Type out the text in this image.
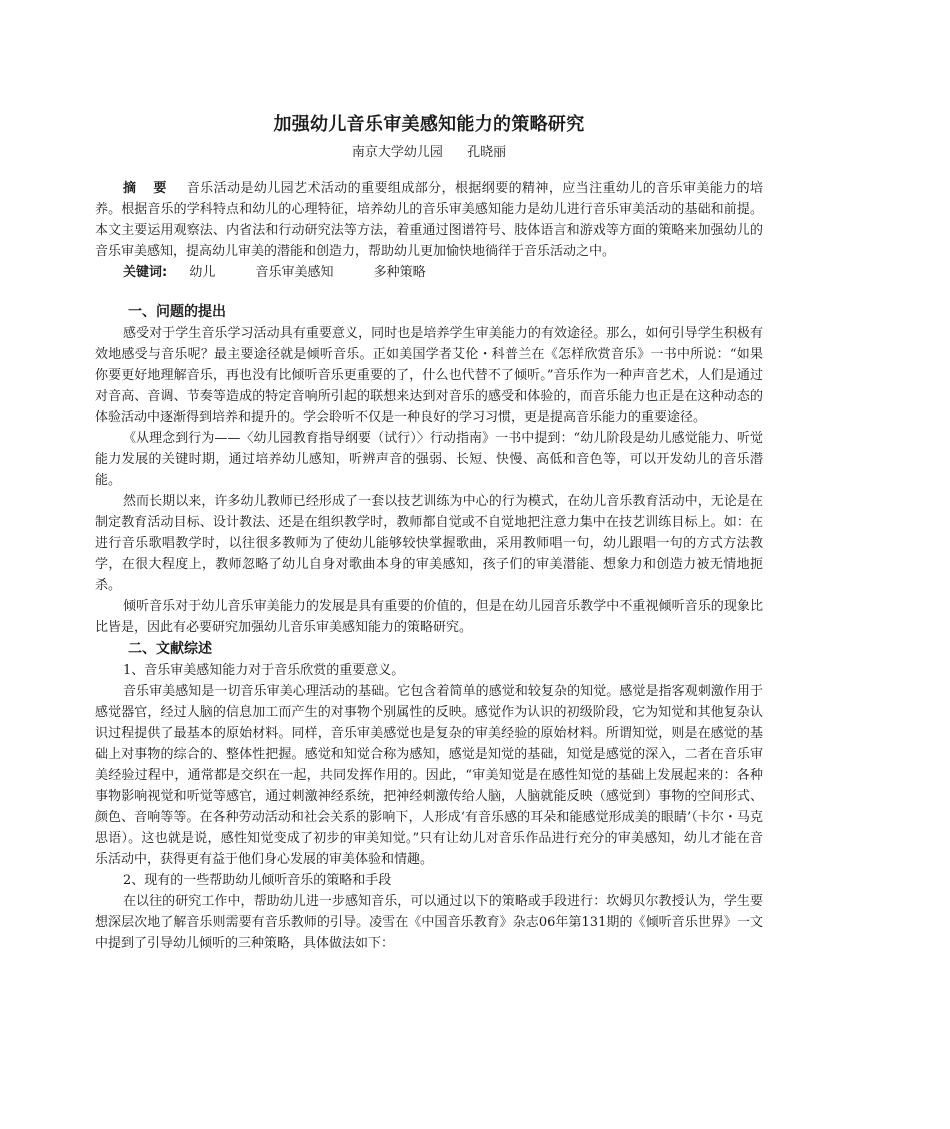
加强幼儿音乐审美感知能力的策略研究

南京大学幼儿园 孔晓丽

摘 要 音乐活动是幼儿园艺术活动的重要组成部分，根据纲要的精神，应当注重幼儿的音乐审美能力的培养。根据音乐的学科特点和幼儿的心理特征，培养幼儿的音乐审美感知能力是幼儿进行音乐审美活动的基础和前提。本文主要运用观察法、内省法和行动研究法等方法，着重通过图谱符号、肢体语言和游戏等方面的策略来加强幼儿的音乐审美感知，提高幼儿审美的潜能和创造力，帮助幼儿更加愉快地徜徉于音乐活动之中。

关键词: 幼儿	音乐审美感知	多种策略

一、问题的提出

感受对于学生音乐学习活动具有重要意义，同时也是培养学生审美能力的有效途径。那么，如何引导学生积极有效地感受与音乐呢？最主要途径就是倾听音乐。正如美国学者艾伦・科普兰在《怎样欣赏音乐》一书中所说：“如果你要更好地理解音乐，再也没有比倾听音乐更重要的了，什么也代替不了倾听。”音乐作为一种声音艺术，人们是通过对音高、音调、节奏等造成的特定音响所引起的联想来达到对音乐的感受和体验的，而音乐能力也正是在这种动态的体验活动中逐渐得到培养和提升的。学会聆听不仅是一种良好的学习习惯，更是提高音乐能力的重要途径。

《从理念到行为——〈幼儿园教育指导纲要（试行）〉行动指南》一书中提到：“幼儿阶段是幼儿感觉能力、听觉能力发展的关键时期，通过培养幼儿感知，听辨声音的强弱、长短、快慢、高低和音色等，可以开发幼儿的音乐潜能。

然而长期以来，许多幼儿教师已经形成了一套以技艺训练为中心的行为模式，在幼儿音乐教育活动中，无论是在制定教育活动目标、设计教法、还是在组织教学时，教师都自觉或不自觉地把注意力集中在技艺训练目标上。如：在进行音乐歌唱教学时，以往很多教师为了使幼儿能够较快掌握歌曲，采用教师唱一句，幼儿跟唱一句的方式方法教学，在很大程度上，教师忽略了幼儿自身对歌曲本身的审美感知，孩子们的审美潜能、想象力和创造力被无情地扼杀。

倾听音乐对于幼儿音乐审美能力的发展是具有重要的价值的，但是在幼儿园音乐教学中不重视倾听音乐的现象比比皆是，因此有必要研究加强幼儿音乐审美感知能力的策略研究。

二、文献综述

1、音乐审美感知能力对于音乐欣赏的重要意义。

音乐审美感知是一切音乐审美心理活动的基础。它包含着简单的感觉和较复杂的知觉。感觉是指客观刺激作用于感觉器官，经过人脑的信息加工而产生的对事物个别属性的反映。感觉作为认识的初级阶段，它为知觉和其他复杂认识过程提供了最基本的原始材料。同样，音乐审美感觉也是复杂的审美经验的原始材料。所谓知觉，则是在感觉的基础上对事物的综合的、整体性把握。感觉和知觉合称为感知，感觉是知觉的基础，知觉是感觉的深入，二者在音乐审美经验过程中，通常都是交织在一起，共同发挥作用的。因此，“审美知觉是在感性知觉的基础上发展起来的：各种事物影响视觉和听觉等感官，通过刺激神经系统，把神经刺激传给人脑，人脑就能反映（感觉到）事物的空间形式、颜色、音响等等。在各种劳动活动和社会关系的影响下，人形成‘有音乐感的耳朵和能感觉形成美的眼睛’（卡尔・马克思语）。这也就是说，感性知觉变成了初步的审美知觉。”只有让幼儿对音乐作品进行充分的审美感知，幼儿才能在音乐活动中，获得更有益于他们身心发展的审美体验和情趣。

2、现有的一些帮助幼儿倾听音乐的策略和手段

在以往的研究工作中，帮助幼儿进一步感知音乐，可以通过以下的策略或手段进行：坎姆贝尔教授认为，学生要想深层次地了解音乐则需要有音乐教师的引导。凌雪在《中国音乐教育》杂志06年第131期的《倾听音乐世界》一文中提到了引导幼儿倾听的三种策略，具体做法如下：
